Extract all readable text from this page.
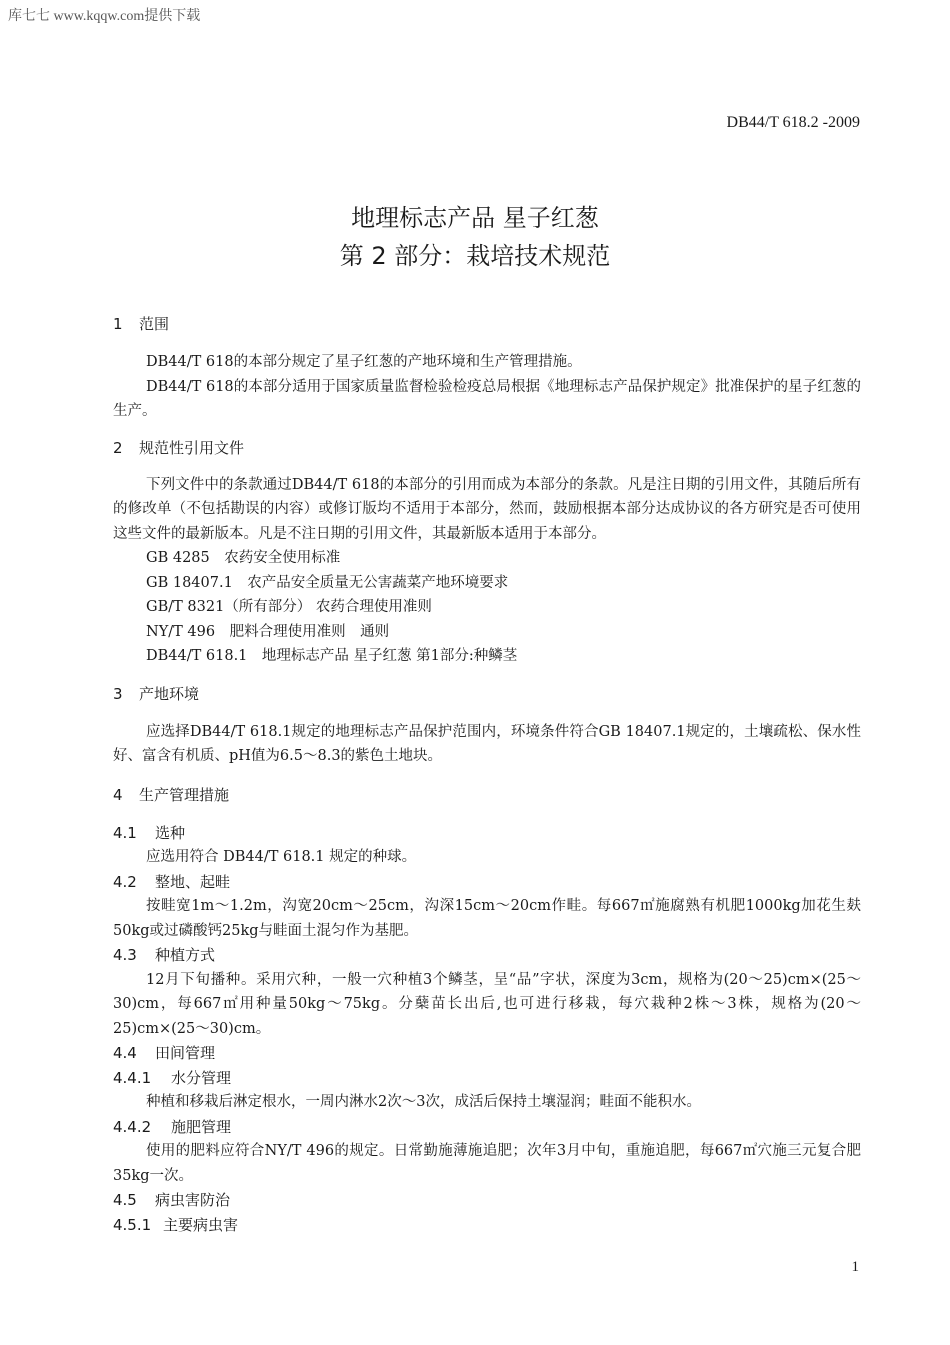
库七七 www.kqqw.com提供下载
DB44/T 618.2 -2009
地理标志产品 星子红葱
第 2 部分：栽培技术规范
1 范围

DB44/T 618的本部分规定了星子红葱的产地环境和生产管理措施。

DB44/T 618的本部分适用于国家质量监督检验检疫总局根据《地理标志产品保护规定》批准保护的星子红葱的生产。

2 规范性引用文件

下列文件中的条款通过DB44/T 618的本部分的引用而成为本部分的条款。凡是注日期的引用文件，其随后所有的修改单（不包括勘误的内容）或修订版均不适用于本部分，然而，鼓励根据本部分达成协议的各方研究是否可使用这些文件的最新版本。凡是不注日期的引用文件，其最新版本适用于本部分。

GB 4285　农药安全使用标准

GB 18407.1　农产品安全质量无公害蔬菜产地环境要求

GB/T 8321（所有部分） 农药合理使用准则

NY/T 496　肥料合理使用准则　通则

DB44/T 618.1　地理标志产品 星子红葱 第1部分:种鳞茎

3 产地环境

应选择DB44/T 618.1规定的地理标志产品保护范围内，环境条件符合GB 18407.1规定的，土壤疏松、保水性好、富含有机质、pH值为6.5～8.3的紫色土地块。

4 生产管理措施
4.1 选种

应选用符合 DB44/T 618.1 规定的种球。

4.2 整地、起畦

按畦宽1m～1.2m，沟宽20cm～25cm，沟深15cm～20cm作畦。每667㎡施腐熟有机肥1000kg加花生麸50kg或过磷酸钙25kg与畦面土混匀作为基肥。

4.3 种植方式

12月下旬播种。采用穴种，一般一穴种植3个鳞茎，呈“品”字状，深度为3cm，规格为(20～25)cm×(25～30)cm，每667㎡用种量50kg～75kg。分蘖苗长出后,也可进行移栽，每穴栽种2株～3株，规格为(20～25)cm×(25～30)cm。

4.4 田间管理
4.4.1 水分管理

种植和移栽后淋定根水，一周内淋水2次～3次，成活后保持土壤湿润；畦面不能积水。

4.4.2 施肥管理

使用的肥料应符合NY/T 496的规定。日常勤施薄施追肥；次年3月中旬，重施追肥，每667㎡穴施三元复合肥35kg一次。

4.5 病虫害防治
4.5.1 主要病虫害
1
